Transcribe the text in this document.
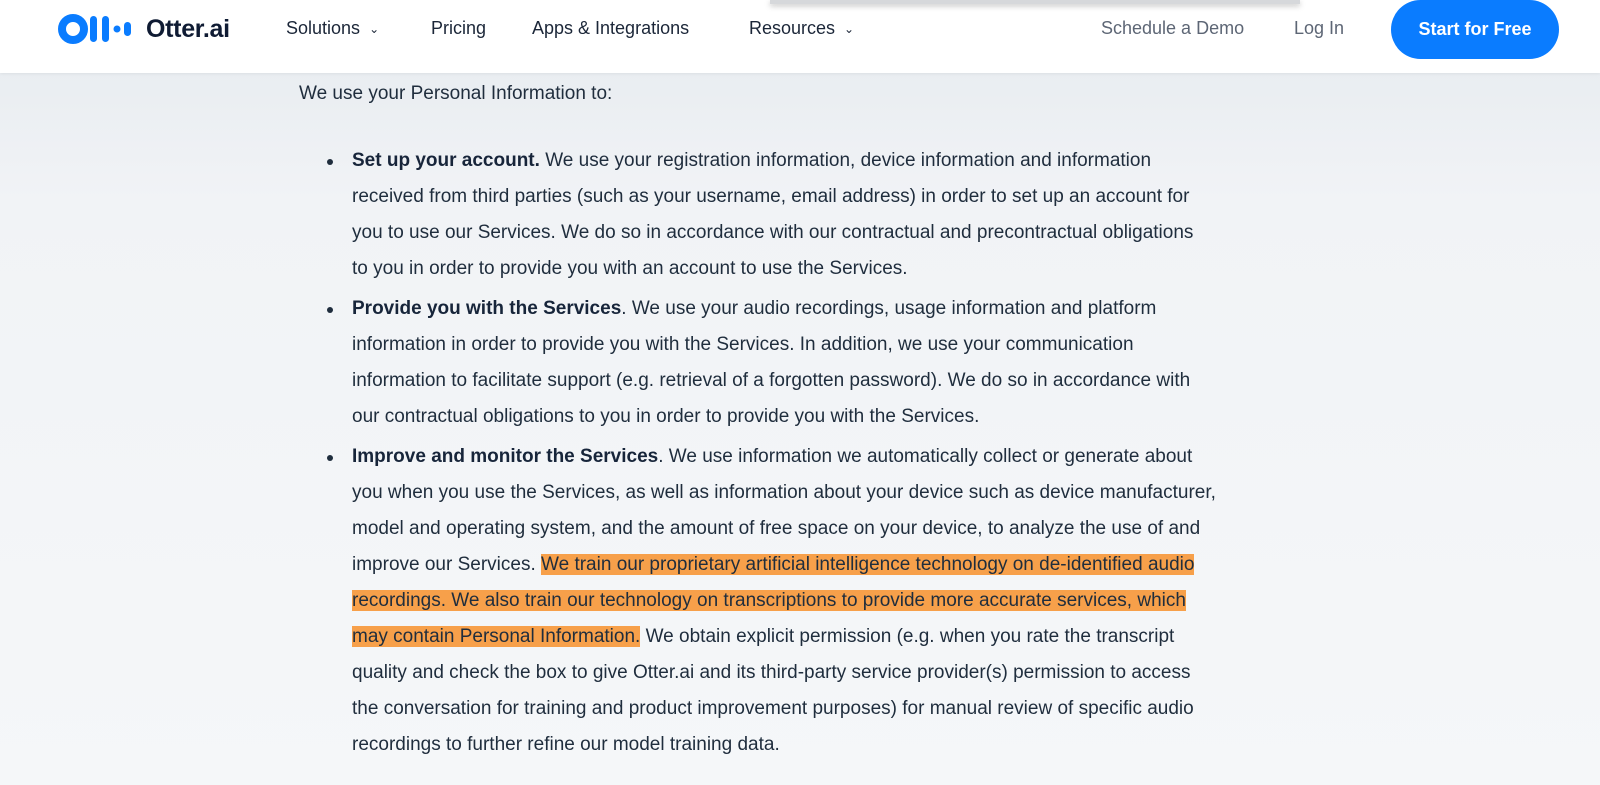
Otter.ai	Solutions ⌄	Pricing	Apps & Integrations	Resources ⌄	Schedule a Demo	Log In	Start for Free
We use your Personal Information to:
Set up your account. We use your registration information, device information and information
received from third parties (such as your username, email address) in order to set up an account for
you to use our Services. We do so in accordance with our contractual and precontractual obligations
to you in order to provide you with an account to use the Services.
Provide you with the Services. We use your audio recordings, usage information and platform
information in order to provide you with the Services. In addition, we use your communication
information to facilitate support (e.g. retrieval of a forgotten password). We do so in accordance with
our contractual obligations to you in order to provide you with the Services.
Improve and monitor the Services. We use information we automatically collect or generate about
you when you use the Services, as well as information about your device such as device manufacturer,
model and operating system, and the amount of free space on your device, to analyze the use of and
improve our Services. We train our proprietary artificial intelligence technology on de-identified audio
recordings. We also train our technology on transcriptions to provide more accurate services, which
may contain Personal Information. We obtain explicit permission (e.g. when you rate the transcript
quality and check the box to give Otter.ai and its third-party service provider(s) permission to access
the conversation for training and product improvement purposes) for manual review of specific audio
recordings to further refine our model training data.
